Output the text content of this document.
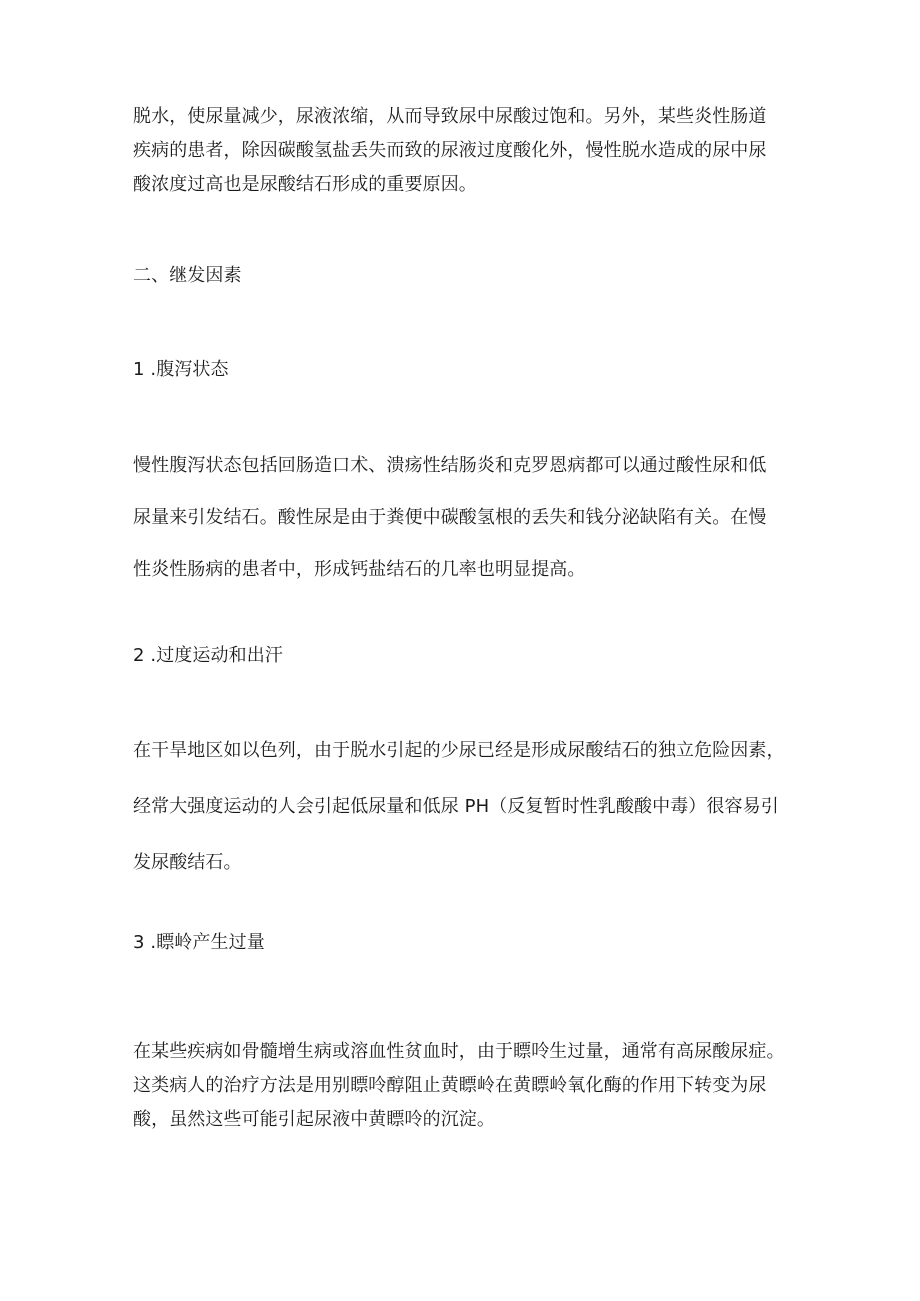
脱水，使尿量减少，尿液浓缩，从而导致尿中尿酸过饱和。另外，某些炎性肠道
疾病的患者，除因碳酸氢盐丢失而致的尿液过度酸化外，慢性脱水造成的尿中尿
酸浓度过高也是尿酸结石形成的重要原因。

二、继发因素

1 .腹泻状态

慢性腹泻状态包括回肠造口术、溃疡性结肠炎和克罗恩病都可以通过酸性尿和低
尿量来引发结石。酸性尿是由于粪便中碳酸氢根的丢失和钱分泌缺陷有关。在慢
性炎性肠病的患者中，形成钙盐结石的几率也明显提高。

2 .过度运动和出汗

在干旱地区如以色列，由于脱水引起的少尿已经是形成尿酸结石的独立危险因素，
经常大强度运动的人会引起低尿量和低尿 PH（反复暂时性乳酸酸中毒）很容易引
发尿酸结石。

3 .瞟岭产生过量

在某些疾病如骨髓增生病或溶血性贫血时，由于瞟呤生过量，通常有高尿酸尿症。
这类病人的治疗方法是用别瞟呤醇阻止黄瞟岭在黄瞟岭氧化酶的作用下转变为尿
酸，虽然这些可能引起尿液中黄瞟呤的沉淀。
